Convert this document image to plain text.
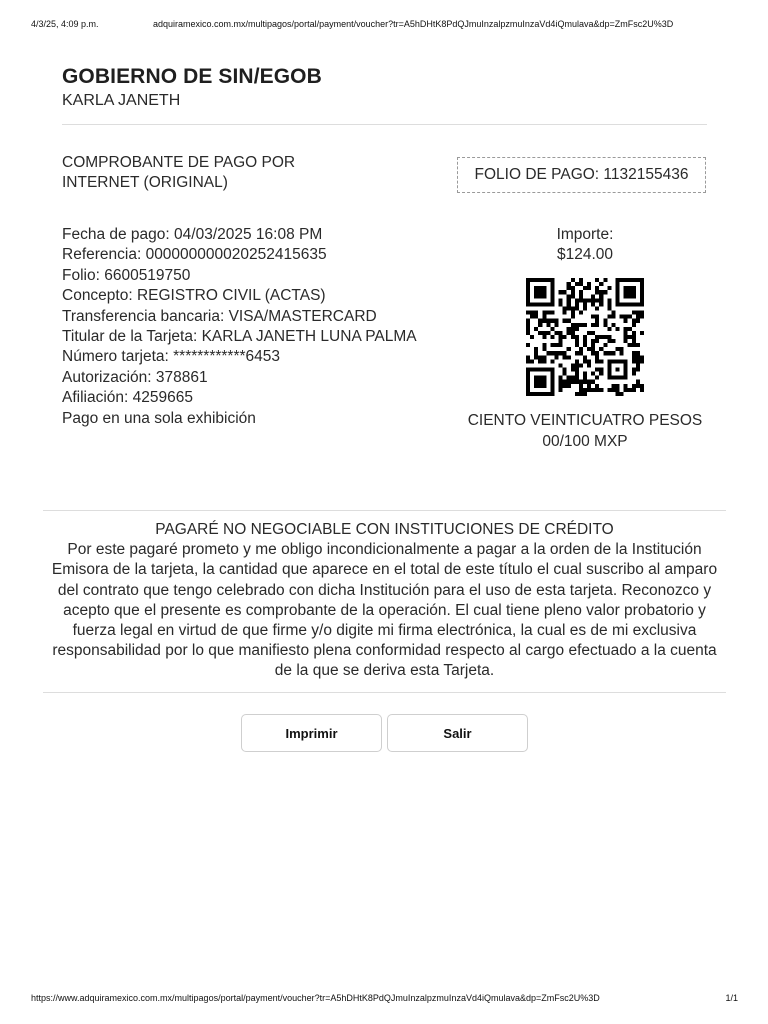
4/3/25, 4:09 p.m.	adquiramexico.com.mx/multipagos/portal/payment/voucher?tr=A5hDHtK8PdQJmuInzalpzmuInzaVd4iQmulava&dp=ZmFsc2U%3D
GOBIERNO DE SIN/EGOB
KARLA JANETH
COMPROBANTE DE PAGO POR INTERNET (ORIGINAL)	FOLIO DE PAGO: 1132155436
Fecha de pago: 04/03/2025 16:08 PM
Referencia: 000000000020252415635
Folio: 6600519750
Concepto: REGISTRO CIVIL (ACTAS)
Transferencia bancaria: VISA/MASTERCARD
Titular de la Tarjeta: KARLA JANETH LUNA PALMA
Número tarjeta: ************6453
Autorización: 378861
Afiliación: 4259665
Pago en una sola exhibición
Importe:
$124.00
CIENTO VEINTICUATRO PESOS 00/100 MXP
PAGARÉ NO NEGOCIABLE CON INSTITUCIONES DE CRÉDITO
Por este pagaré prometo y me obligo incondicionalmente a pagar a la orden de la Institución Emisora de la tarjeta, la cantidad que aparece en el total de este título el cual suscribo al amparo del contrato que tengo celebrado con dicha Institución para el uso de esta tarjeta. Reconozco y acepto que el presente es comprobante de la operación. El cual tiene pleno valor probatorio y fuerza legal en virtud de que firme y/o digite mi firma electrónica, la cual es de mi exclusiva responsabilidad por lo que manifiesto plena conformidad respecto al cargo efectuado a la cuenta de la que se deriva esta Tarjeta.
Imprimir	Salir
https://www.adquiramexico.com.mx/multipagos/portal/payment/voucher?tr=A5hDHtK8PdQJmuInzalpzmuInzaVd4iQmulava&dp=ZmFsc2U%3D	1/1
